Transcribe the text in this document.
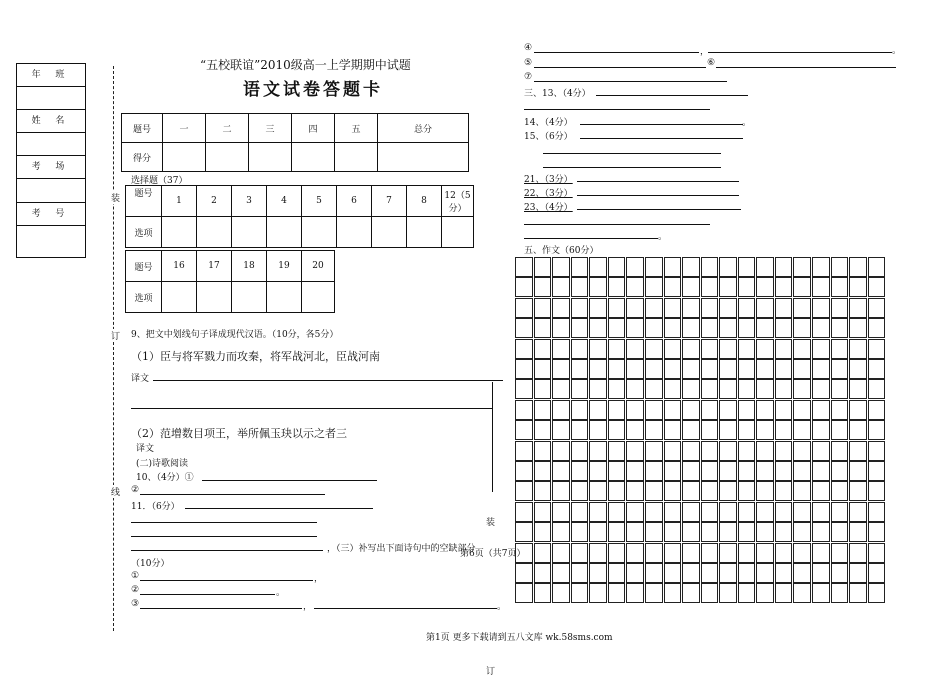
年 班
姓 名
考 场
考 号
装
订
线
“五校联谊”2010级高一上学期期中试题
语文试卷答题卡
题号	一	二	三	四	五	总分
得分						
选择题（37）
题号	1	2	3	4	5	6	7	8	12（5分）
选项									
题号	16	17	18	19	20
选项					
9、把文中划线句子译成现代汉语。（10分，各5分）
（1）臣与将军戮力而攻秦，将军战河北，臣战河南
译文
（2）范增数目项王，举所佩玉玦以示之者三
译文
(二)诗歌阅读
10、（4分）①
②
11．（6分）
，（三）补写出下面诗句中的空缺部分
第6页（共7页）
装
（10分）
①	，
②	。
③	，	。
④	，	。
⑤	⑥
⑦
三、13、（4分）
14、（4分）	。
15、（6分）
21、（3分）
22、（3分）
23、（4分）
。
五、作文（60分）
第1页 更多下载请到五八文库 wk.58sms.com
订
